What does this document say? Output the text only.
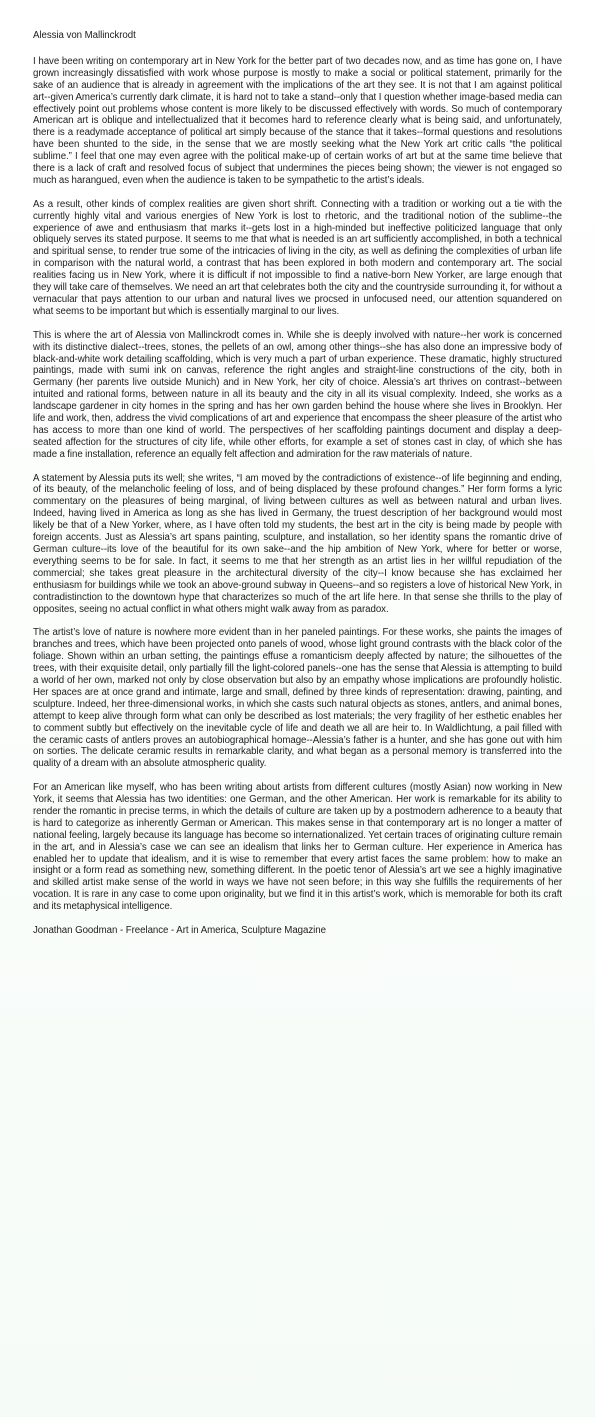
Alessia von Mallinckrodt

I have been writing on contemporary art in New York for the better part of two decades now, and as time has gone on, I have grown increasingly dissatisfied with work whose purpose is mostly to make a social or political statement, primarily for the sake of an audience that is already in agreement with the implications of the art they see. It is not that I am against political art--given America’s currently dark climate, it is hard not to take a stand--only that I question whether image-based media can effectively point out problems whose content is more likely to be discussed effectively with words. So much of contemporary American art is oblique and intellectualized that it becomes hard to reference clearly what is being said, and unfortunately, there is a readymade acceptance of political art simply because of the stance that it takes--formal questions and resolutions have been shunted to the side, in the sense that we are mostly seeking what the New York art critic calls “the political sublime.” I feel that one may even agree with the political make-up of certain works of art but at the same time believe that there is a lack of craft and resolved focus of subject that undermines the pieces being shown; the viewer is not engaged so much as harangued, even when the audience is taken to be sympathetic to the artist’s ideals.

As a result, other kinds of complex realities are given short shrift. Connecting with a tradition or working out a tie with the currently highly vital and various energies of New York is lost to rhetoric, and the traditional notion of the sublime--the experience of awe and enthusiasm that marks it--gets lost in a high-minded but ineffective politicized language that only obliquely serves its stated purpose. It seems to me that what is needed is an art sufficiently accomplished, in both a technical and spiritual sense, to render true some of the intricacies of living in the city, as well as defining the complexities of urban life in comparison with the natural world, a contrast that has been explored in both modern and contemporary art. The social realities facing us in New York, where it is difficult if not impossible to find a native-born New Yorker, are large enough that they will take care of themselves. We need an art that celebrates both the city and the countryside surrounding it, for without a vernacular that pays attention to our urban and natural lives we procsed in unfocused need, our attention squandered on what seems to be important but which is essentially marginal to our lives.

This is where the art of Alessia von Mallinckrodt comes in. While she is deeply involved with nature--her work is concerned with its distinctive dialect--trees, stones, the pellets of an owl, among other things--she has also done an impressive body of black-and-white work detailing scaffolding, which is very much a part of urban experience. These dramatic, highly structured paintings, made with sumi ink on canvas, reference the right angles and straight-line constructions of the city, both in Germany (her parents live outside Munich) and in New York, her city of choice. Alessia’s art thrives on contrast--between intuited and rational forms, between nature in all its beauty and the city in all its visual complexity. Indeed, she works as a landscape gardener in city homes in the spring and has her own garden behind the house where she lives in Brooklyn. Her life and work, then, address the vivid complications of art and experience that encompass the sheer pleasure of the artist who has access to more than one kind of world. The perspectives of her scaffolding paintings document and display a deep-seated affection for the structures of city life, while other efforts, for example a set of stones cast in clay, of which she has made a fine installation, reference an equally felt affection and admiration for the raw materials of nature.

A statement by Alessia puts its well; she writes, “I am moved by the contradictions of existence--of life beginning and ending, of its beauty, of the melancholic feeling of loss, and of being displaced by these profound changes.” Her form forms a lyric commentary on the pleasures of being marginal, of living between cultures as well as between natural and urban lives. Indeed, having lived in America as long as she has lived in Germany, the truest description of her background would most likely be that of a New Yorker, where, as I have often told my students, the best art in the city is being made by people with foreign accents. Just as Alessia’s art spans painting, sculpture, and installation, so her identity spans the romantic drive of German culture--its love of the beautiful for its own sake--and the hip ambition of New York, where for better or worse, everything seems to be for sale. In fact, it seems to me that her strength as an artist lies in her willful repudiation of the commercial; she takes great pleasure in the architectural diversity of the city--I know because she has exclaimed her enthusiasm for buildings while we took an above-ground subway in Queens--and so registers a love of historical New York, in contradistinction to the downtown hype that characterizes so much of the art life here. In that sense she thrills to the play of opposites, seeing no actual conflict in what others might walk away from as paradox.

The artist’s love of nature is nowhere more evident than in her paneled paintings. For these works, she paints the images of branches and trees, which have been projected onto panels of wood, whose light ground contrasts with the black color of the foliage. Shown within an urban setting, the paintings effuse a romanticism deeply affected by nature; the silhouettes of the trees, with their exquisite detail, only partially fill the light-colored panels--one has the sense that Alessia is attempting to build a world of her own, marked not only by close observation but also by an empathy whose implications are profoundly holistic. Her spaces are at once grand and intimate, large and small, defined by three kinds of representation: drawing, painting, and sculpture. Indeed, her three-dimensional works, in which she casts such natural objects as stones, antlers, and animal bones, attempt to keep alive through form what can only be described as lost materials; the very fragility of her esthetic enables her to comment subtly but effectively on the inevitable cycle of life and death we all are heir to. In Waldlichtung, a pail filled with the ceramic casts of antlers proves an autobiographical homage--Alessia’s father is a hunter, and she has gone out with him on sorties. The delicate ceramic results in remarkable clarity, and what began as a personal memory is transferred into the quality of a dream with an absolute atmospheric quality.

For an American like myself, who has been writing about artists from different cultures (mostly Asian) now working in New York, it seems that Alessia has two identities: one German, and the other American. Her work is remarkable for its ability to render the romantic in precise terms, in which the details of culture are taken up by a postmodern adherence to a beauty that is hard to categorize as inherently German or American. This makes sense in that contemporary art is no longer a matter of national feeling, largely because its language has become so internationalized. Yet certain traces of originating culture remain in the art, and in Alessia’s case we can see an idealism that links her to German culture. Her experience in America has enabled her to update that idealism, and it is wise to remember that every artist faces the same problem: how to make an insight or a form read as something new, something different. In the poetic tenor of Alessia’s art we see a highly imaginative and skilled artist make sense of the world in ways we have not seen before; in this way she fulfills the requirements of her vocation. It is rare in any case to come upon originality, but we find it in this artist’s work, which is memorable for both its craft and its metaphysical intelligence.

Jonathan Goodman - Freelance - Art in America, Sculpture Magazine
